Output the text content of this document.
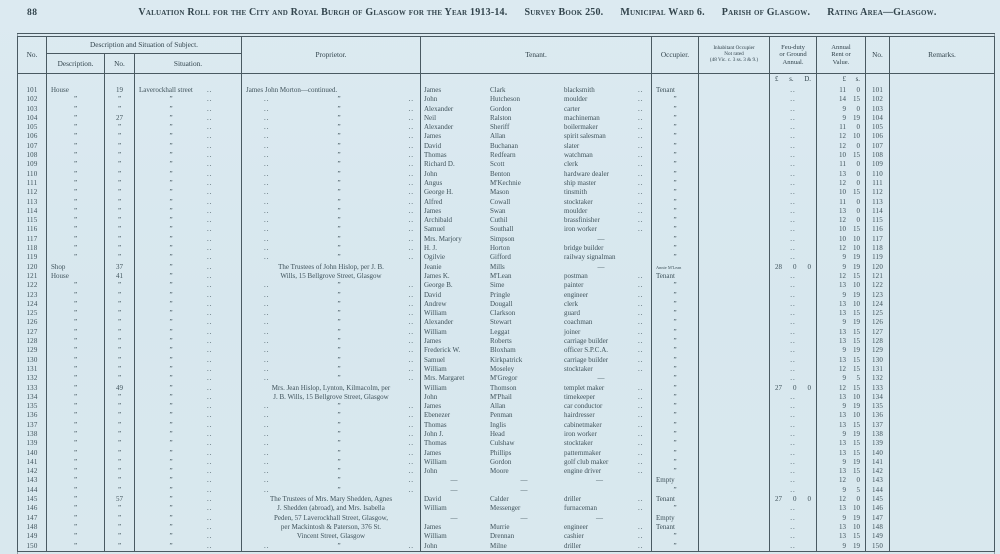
88	Valuation Roll for the City and Royal Burgh of Glasgow for the Year 1913-14. Survey Book 250. Municipal Ward 6. Parish of Glasgow. Rating Area—Glasgow.
No.
Description and Situation of Subject.
Description.	No.	Situation.
Proprietor.	Tenant.	Occupier.
Inhabitant Occupier
Not rated
(48 Vic. c. 3 ss. 3 & 9.)
Feu-duty
or Ground
Annual.
Annual
Rent or
Value.
No.	Remarks.
£ s. D.	£	s.
101	House	19	Laverockhall street	..	James John Morton—continued.	James	Clark	blacksmith	..	Tenant	..	11	0	101
102	”	”	”	..	..	”	..	John	Hutcheson	moulder	..	”	..	14	15	102
103	”	”	”	..	..	”	..	Alexander	Gordon	carter	..	”	..	9	0	103
104	”	27	”	..	..	”	..	Neil	Ralston	machineman	..	”	..	9	19	104
105	”	”	”	..	..	”	..	Alexander	Sheriff	boilermaker	..	”	..	11	0	105
106	”	”	”	..	..	”	..	James	Allan	spirit salesman	..	”	..	12	10	106
107	”	”	”	..	..	”	..	David	Buchanan	slater	..	”	..	12	0	107
108	”	”	”	..	..	”	..	Thomas	Redfearn	watchman	..	”	..	10	15	108
109	”	”	”	..	..	”	..	Richard D.	Scott	clerk	..	”	..	11	0	109
110	”	”	”	..	..	”	..	John	Benton	hardware dealer	..	”	..	13	0	110
111	”	”	”	..	..	”	..	Angus	M'Kechnie	ship master	..	”	..	12	0	111
112	”	”	”	..	..	”	..	George H.	Mason	tinsmith	..	”	..	10	15	112
113	”	”	”	..	..	”	..	Alfred	Cowall	stocktaker	..	”	..	11	0	113
114	”	”	”	..	..	”	..	James	Swan	moulder	..	”	..	13	0	114
115	”	”	”	..	..	”	..	Archibald	Cuthil	brassfinisher	..	”	..	12	0	115
116	”	”	”	..	..	”	..	Samuel	Southall	iron worker	..	”	..	10	15	116
117	”	”	”	..	..	”	..	Mrs. Marjory	Simpson	—	”	..	10	10	117
118	”	”	”	..	..	”	..	H. J.	Horton	bridge builder	”	..	12	10	118
119	”	”	”	..	..	”	..	Ogilvie	Gifford	railway signalman	”	..	9	19	119
120	Shop	37	”	..	The Trustees of John Hislop, per J. B.	Jeanie	Mills	—	Annie M'Lean	28 0 0	9	19	120
121	House	41	”	..	Wills, 15 Bellgrove Street, Glasgow	James K.	M'Lean	postman	..	Tenant	..	12	15	121
122	”	”	”	..	..	”	..	George B.	Sime	painter	..	”	..	13	10	122
123	”	”	”	..	..	”	..	David	Pringle	engineer	..	”	..	9	19	123
124	”	”	”	..	..	”	..	Andrew	Dougall	clerk	..	”	..	13	10	124
125	”	”	”	..	..	”	..	William	Clarkson	guard	..	”	..	13	15	125
126	”	”	”	..	..	”	..	Alexander	Stewart	coachman	..	”	..	9	19	126
127	”	”	”	..	..	”	..	William	Leggat	joiner	..	”	..	13	15	127
128	”	”	”	..	..	”	..	James	Roberts	carriage builder	..	”	..	13	15	128
129	”	”	”	..	..	”	..	Frederick W.	Bloxham	officer S.P.C.A.	..	”	..	9	19	129
130	”	”	”	..	..	”	..	Samuel	Kirkpatrick	carriage builder	..	”	..	13	15	130
131	”	”	”	..	..	”	..	William	Moseley	stocktaker	..	”	..	12	15	131
132	”	”	”	..	..	”	..	Mrs. Margaret	M'Gregor	—	”	..	9	5	132
133	”	49	”	..	Mrs. Jean Hislop, Lynton, Kilmacolm, per	William	Thomson	templet maker	..	”	27 0 0	12	15	133
134	”	”	”	..	J. B. Wills, 15 Bellgrove Street, Glasgow	John	M'Phail	timekeeper	..	”	..	13	10	134
135	”	”	”	..	..	”	..	James	Allan	car conductor	..	”	..	9	19	135
136	”	”	”	..	..	”	..	Ebenezer	Penman	hairdresser	..	”	..	13	10	136
137	”	”	”	..	..	”	..	Thomas	Inglis	cabinetmaker	..	”	..	13	15	137
138	”	”	”	..	..	”	..	John J.	Head	iron worker	..	”	..	9	19	138
139	”	”	”	..	..	”	..	Thomas	Culshaw	stocktaker	..	”	..	13	15	139
140	”	”	”	..	..	”	..	James	Phillips	patternmaker	..	”	..	13	15	140
141	”	”	”	..	..	”	..	William	Gordon	golf club maker	..	”	..	9	19	141
142	”	”	”	..	..	”	..	John	Moore	engine driver	..	”	..	13	15	142
143	”	”	”	..	..	”	..	—	—	—	Empty	..	12	0	143
144	”	”	”	..	..	”	..	—	—	”	..	9	5	144
145	”	57	”	..	The Trustees of Mrs. Mary Shedden, Agnes	David	Calder	driller	..	Tenant	27 0 0	12	0	145
146	”	”	”	..	J. Shedden (abroad), and Mrs. Isabella	William	Messenger	furnaceman	..	”	..	13	10	146
147	”	”	”	..	Peden, 57 Laverockhall Street, Glasgow,	—	—	—	Empty	..	9	19	147
148	”	”	”	..	per Mackintosh & Paterson, 376 St.	James	Murrie	engineer	..	Tenant	..	13	10	148
149	”	”	”	..	Vincent Street, Glasgow	William	Drennan	cashier	..	”	..	13	15	149
150	”	”	”	..	..	”	..	John	Milne	driller	..	”	..	9	19	150
